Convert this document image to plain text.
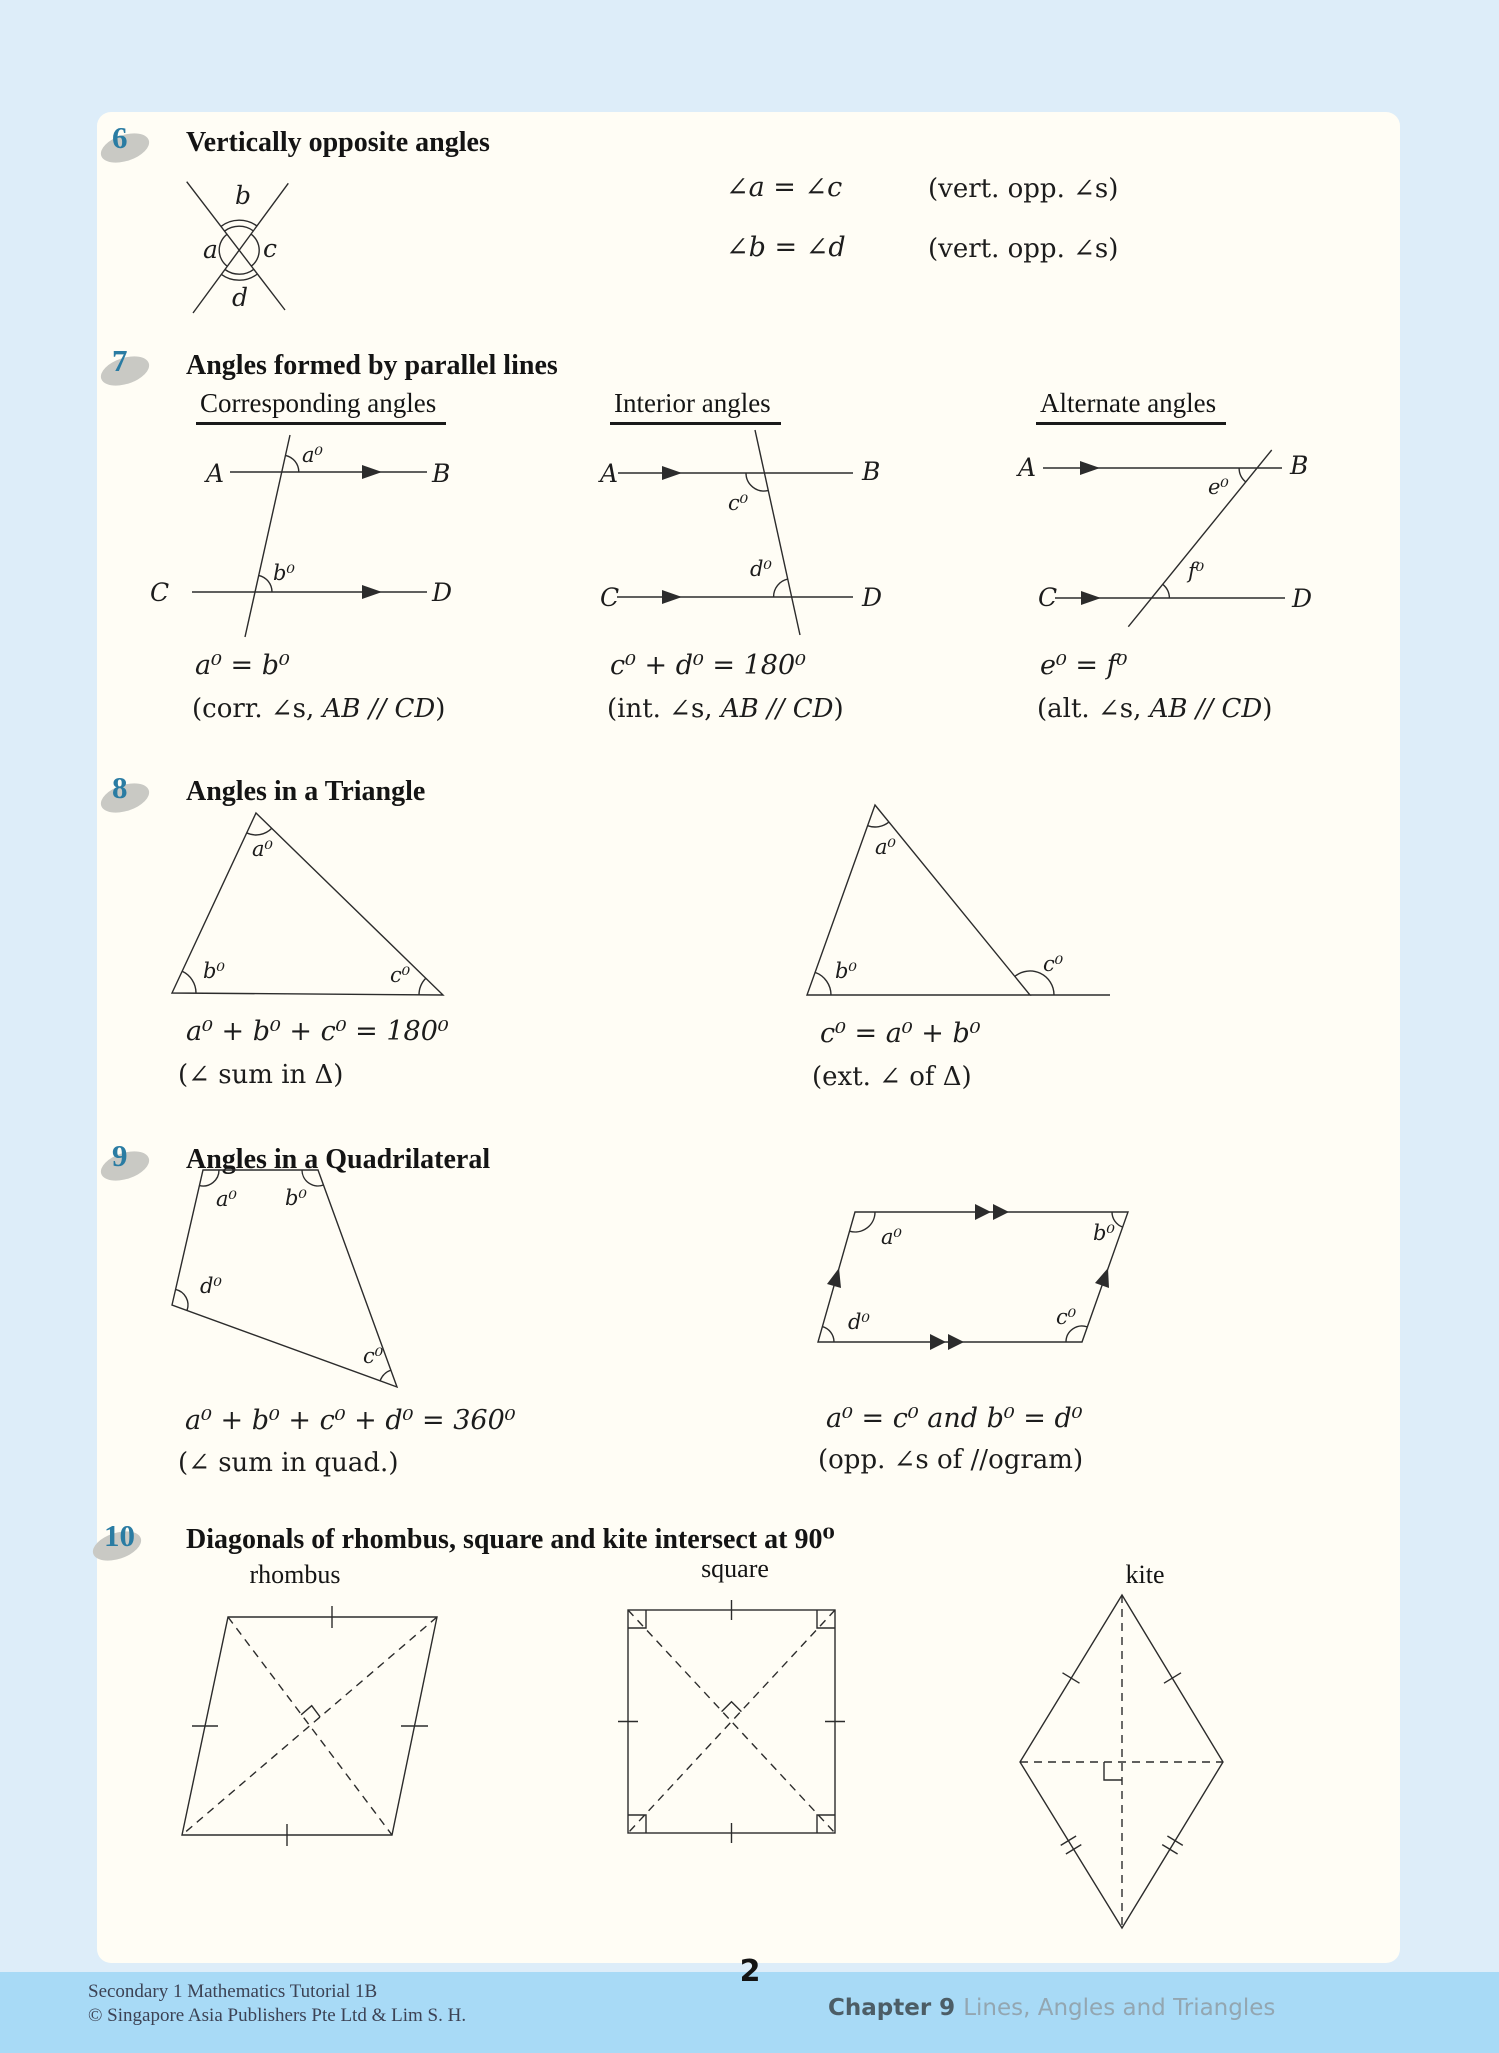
6 Vertically opposite angles
b
a c
d
∠a = ∠c	(vert. opp. ∠s)
∠b = ∠d	(vert. opp. ∠s)
7 Angles formed by parallel lines
Corresponding angles	Interior angles	Alternate angles
A	B
C	D
a⁰
b⁰
A	B
C	D
c⁰
d⁰
A	B
C	D
e⁰
f⁰
a⁰ = b⁰
(corr. ∠s, AB // CD)
c⁰ + d⁰ = 180⁰
(int. ∠s, AB // CD)
e⁰ = f⁰
(alt. ∠s, AB // CD)
8 Angles in a Triangle
a⁰
b⁰	c⁰
a⁰
b⁰	c⁰
a⁰ + b⁰ + c⁰ = 180⁰
(∠ sum in Δ)
c⁰ = a⁰ + b⁰
(ext. ∠ of Δ)
9 Angles in a Quadrilateral
a⁰ b⁰
d⁰
c⁰
a⁰	b⁰
d⁰	c⁰
a⁰ + b⁰ + c⁰ + d⁰ = 360⁰
(∠ sum in quad.)
a⁰ = c⁰ and b⁰ = d⁰
(opp. ∠s of //ogram)
10 Diagonals of rhombus, square and kite intersect at 90⁰
rhombus	square	kite
2
Secondary 1 Mathematics Tutorial 1B
© Singapore Asia Publishers Pte Ltd & Lim S. H.	Chapter 9 Lines, Angles and Triangles
